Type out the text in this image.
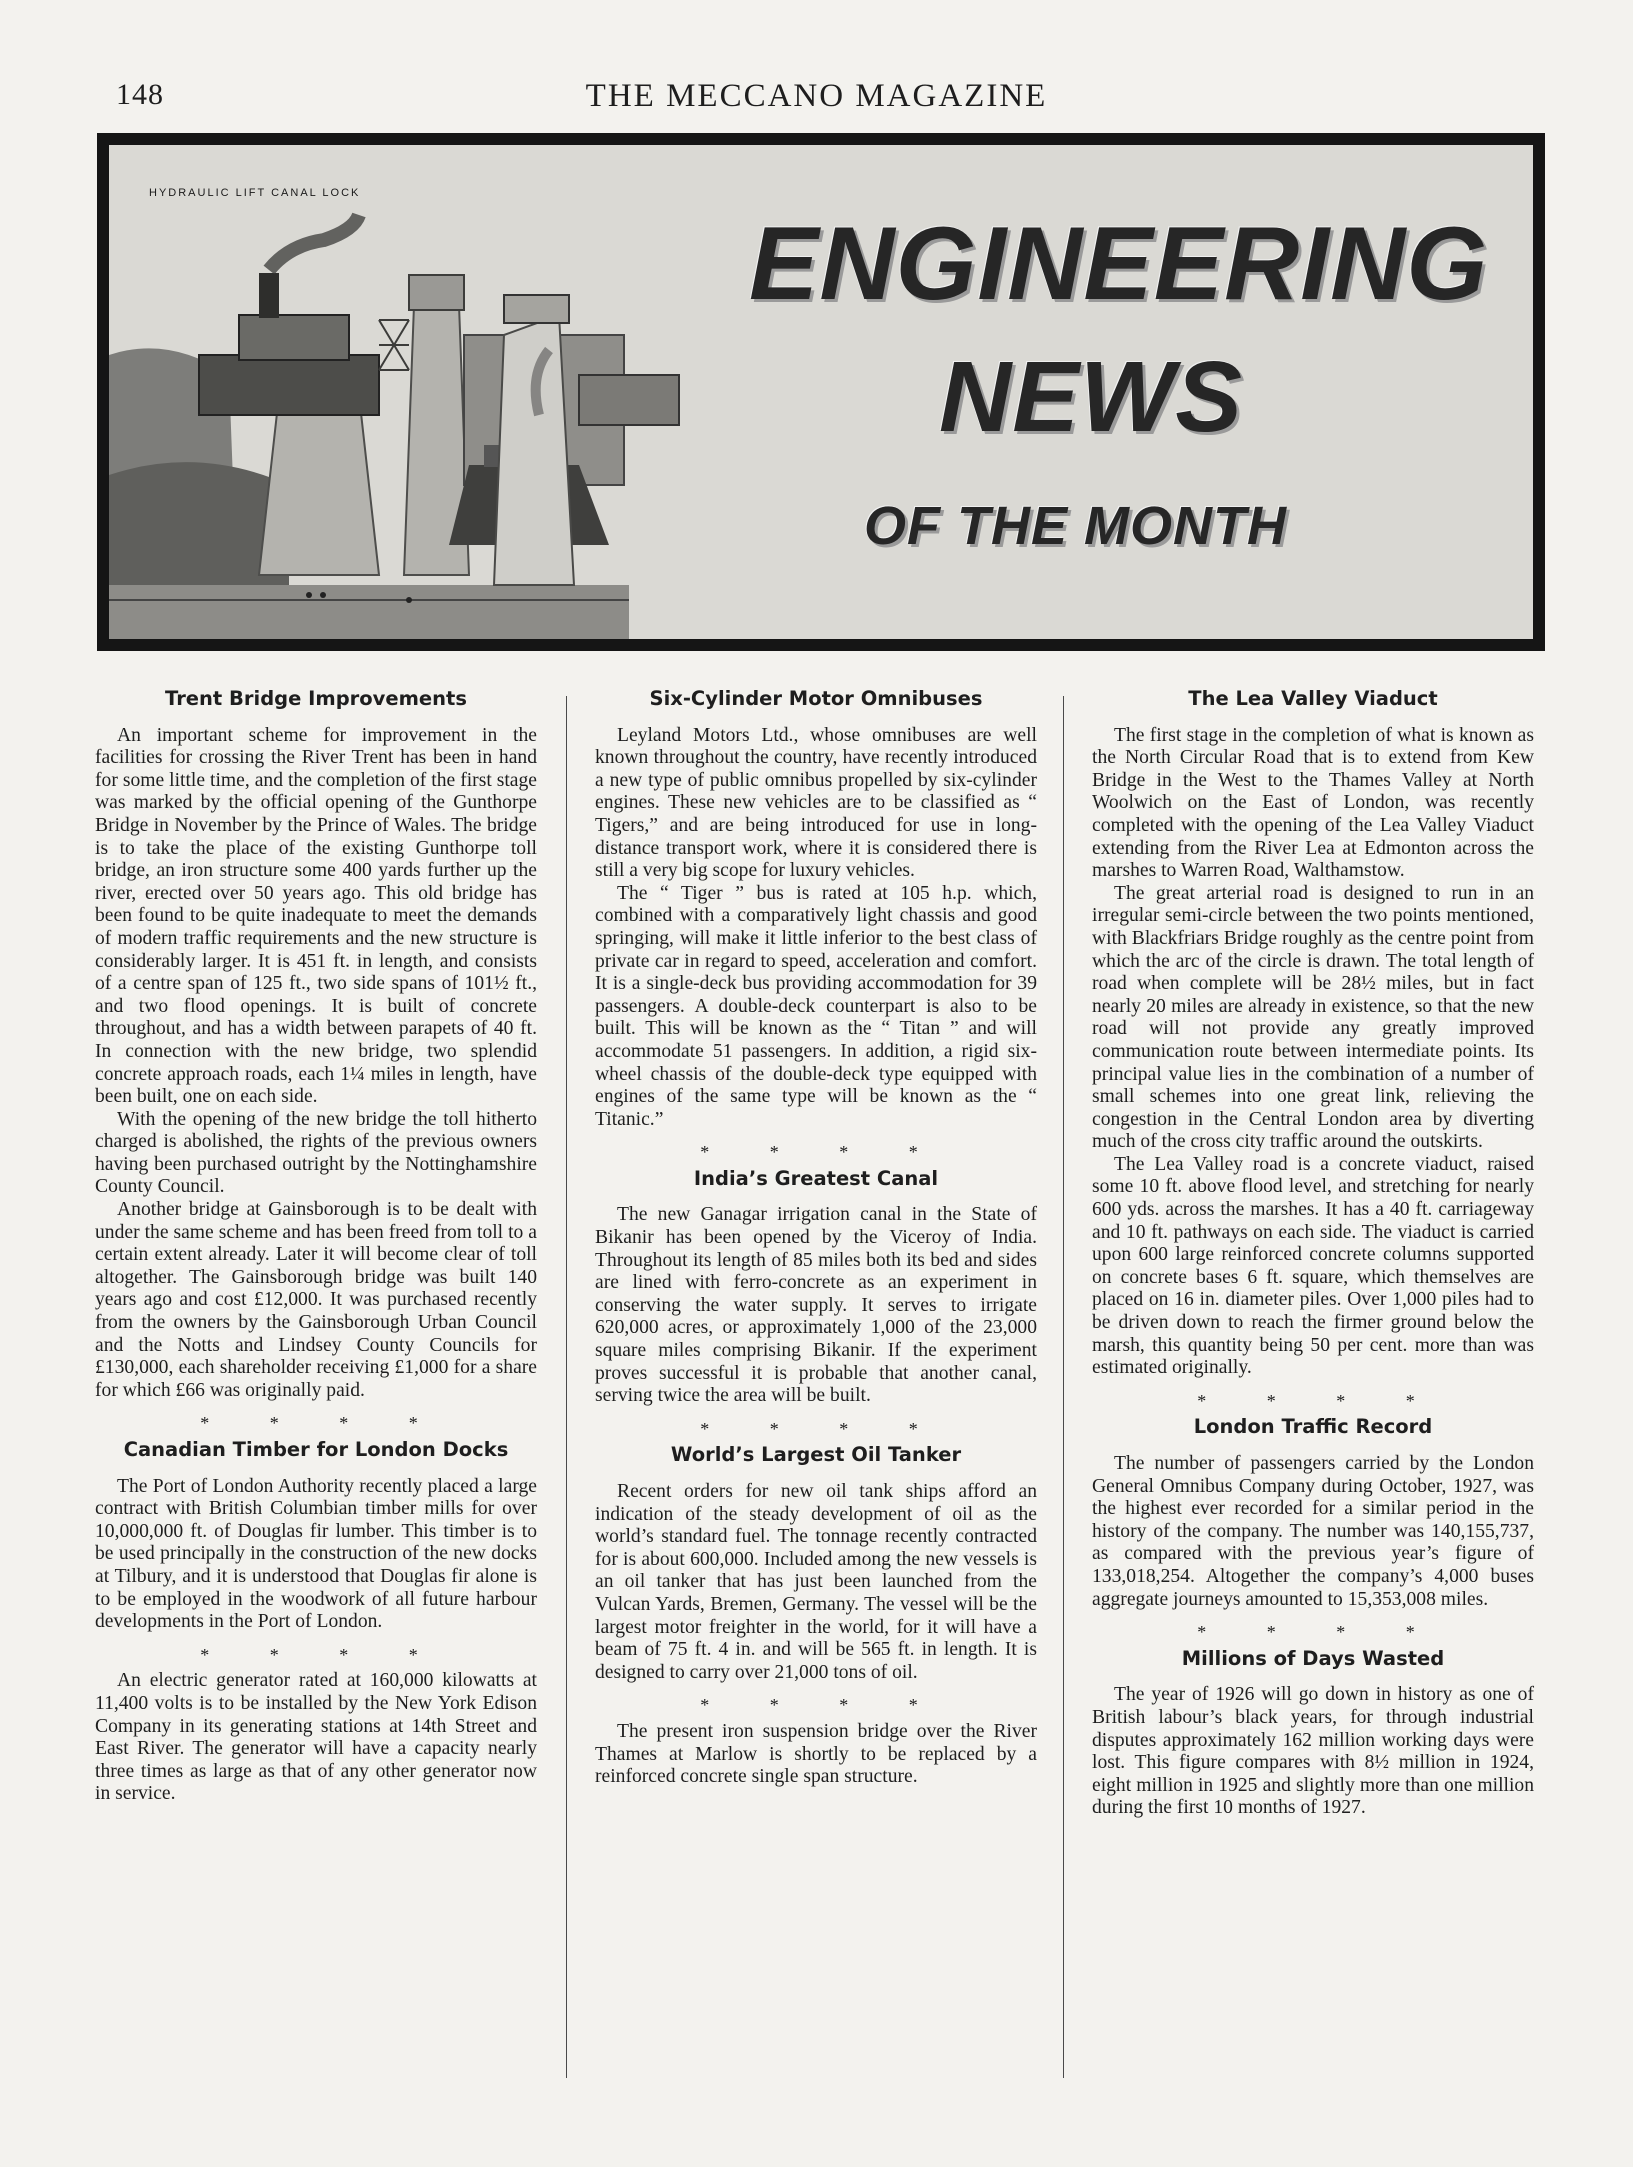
148	THE MECCANO MAGAZINE
HYDRAULIC LIFT CANAL LOCK
ENGINEERING
NEWS
OF THE MONTH
Trent Bridge Improvements

An important scheme for improvement in the facilities for crossing the River Trent has been in hand for some little time, and the completion of the first stage was marked by the official opening of the Gunthorpe Bridge in November by the Prince of Wales. The bridge is to take the place of the existing Gunthorpe toll bridge, an iron structure some 400 yards further up the river, erected over 50 years ago. This old bridge has been found to be quite inadequate to meet the demands of modern traffic requirements and the new structure is considerably larger. It is 451 ft. in length, and consists of a centre span of 125 ft., two side spans of 101½ ft., and two flood openings. It is built of concrete throughout, and has a width between parapets of 40 ft. In connection with the new bridge, two splendid concrete approach roads, each 1¼ miles in length, have been built, one on each side.

With the opening of the new bridge the toll hitherto charged is abolished, the rights of the previous owners having been purchased outright by the Nottinghamshire County Council.

Another bridge at Gainsborough is to be dealt with under the same scheme and has been freed from toll to a certain extent already. Later it will become clear of toll altogether. The Gainsborough bridge was built 140 years ago and cost £12,000. It was purchased recently from the owners by the Gainsborough Urban Council and the Notts and Lindsey County Councils for £130,000, each shareholder receiving £1,000 for a share for which £66 was originally paid.

* * * *
Canadian Timber for London Docks

The Port of London Authority recently placed a large contract with British Columbian timber mills for over 10,000,000 ft. of Douglas fir lumber. This timber is to be used principally in the construction of the new docks at Tilbury, and it is understood that Douglas fir alone is to be employed in the woodwork of all future harbour developments in the Port of London.

* * * *

An electric generator rated at 160,000 kilowatts at 11,400 volts is to be installed by the New York Edison Company in its generating stations at 14th Street and East River. The generator will have a capacity nearly three times as large as that of any other generator now in service.

Six-Cylinder Motor Omnibuses

Leyland Motors Ltd., whose omnibuses are well known throughout the country, have recently introduced a new type of public omnibus propelled by six-cylinder engines. These new vehicles are to be classified as “ Tigers,” and are being introduced for use in long-distance transport work, where it is considered there is still a very big scope for luxury vehicles.

The “ Tiger ” bus is rated at 105 h.p. which, combined with a comparatively light chassis and good springing, will make it little inferior to the best class of private car in regard to speed, acceleration and comfort. It is a single-deck bus providing accommodation for 39 passengers. A double-deck counterpart is also to be built. This will be known as the “ Titan ” and will accommodate 51 passengers. In addition, a rigid six-wheel chassis of the double-deck type equipped with engines of the same type will be known as the “ Titanic.”

* * * *
India’s Greatest Canal

The new Ganagar irrigation canal in the State of Bikanir has been opened by the Viceroy of India. Throughout its length of 85 miles both its bed and sides are lined with ferro-concrete as an experiment in conserving the water supply. It serves to irrigate 620,000 acres, or approximately 1,000 of the 23,000 square miles comprising Bikanir. If the experiment proves successful it is probable that another canal, serving twice the area will be built.

* * * *
World’s Largest Oil Tanker

Recent orders for new oil tank ships afford an indication of the steady development of oil as the world’s standard fuel. The tonnage recently contracted for is about 600,000. Included among the new vessels is an oil tanker that has just been launched from the Vulcan Yards, Bremen, Germany. The vessel will be the largest motor freighter in the world, for it will have a beam of 75 ft. 4 in. and will be 565 ft. in length. It is designed to carry over 21,000 tons of oil.

* * * *

The present iron suspension bridge over the River Thames at Marlow is shortly to be replaced by a reinforced concrete single span structure.

The Lea Valley Viaduct

The first stage in the completion of what is known as the North Circular Road that is to extend from Kew Bridge in the West to the Thames Valley at North Woolwich on the East of London, was recently completed with the opening of the Lea Valley Viaduct extending from the River Lea at Edmonton across the marshes to Warren Road, Walthamstow.

The great arterial road is designed to run in an irregular semi-circle between the two points mentioned, with Blackfriars Bridge roughly as the centre point from which the arc of the circle is drawn. The total length of road when complete will be 28½ miles, but in fact nearly 20 miles are already in existence, so that the new road will not provide any greatly improved communication route between intermediate points. Its principal value lies in the combination of a number of small schemes into one great link, relieving the congestion in the Central London area by diverting much of the cross city traffic around the outskirts.

The Lea Valley road is a concrete viaduct, raised some 10 ft. above flood level, and stretching for nearly 600 yds. across the marshes. It has a 40 ft. carriageway and 10 ft. pathways on each side. The viaduct is carried upon 600 large reinforced concrete columns supported on concrete bases 6 ft. square, which themselves are placed on 16 in. diameter piles. Over 1,000 piles had to be driven down to reach the firmer ground below the marsh, this quantity being 50 per cent. more than was estimated originally.

* * * *
London Traffic Record

The number of passengers carried by the London General Omnibus Company during October, 1927, was the highest ever recorded for a similar period in the history of the company. The number was 140,155,737, as compared with the previous year’s figure of 133,018,254. Altogether the company’s 4,000 buses aggregate journeys amounted to 15,353,008 miles.

* * * *
Millions of Days Wasted

The year of 1926 will go down in history as one of British labour’s black years, for through industrial disputes approximately 162 million working days were lost. This figure compares with 8½ million in 1924, eight million in 1925 and slightly more than one million during the first 10 months of 1927.
